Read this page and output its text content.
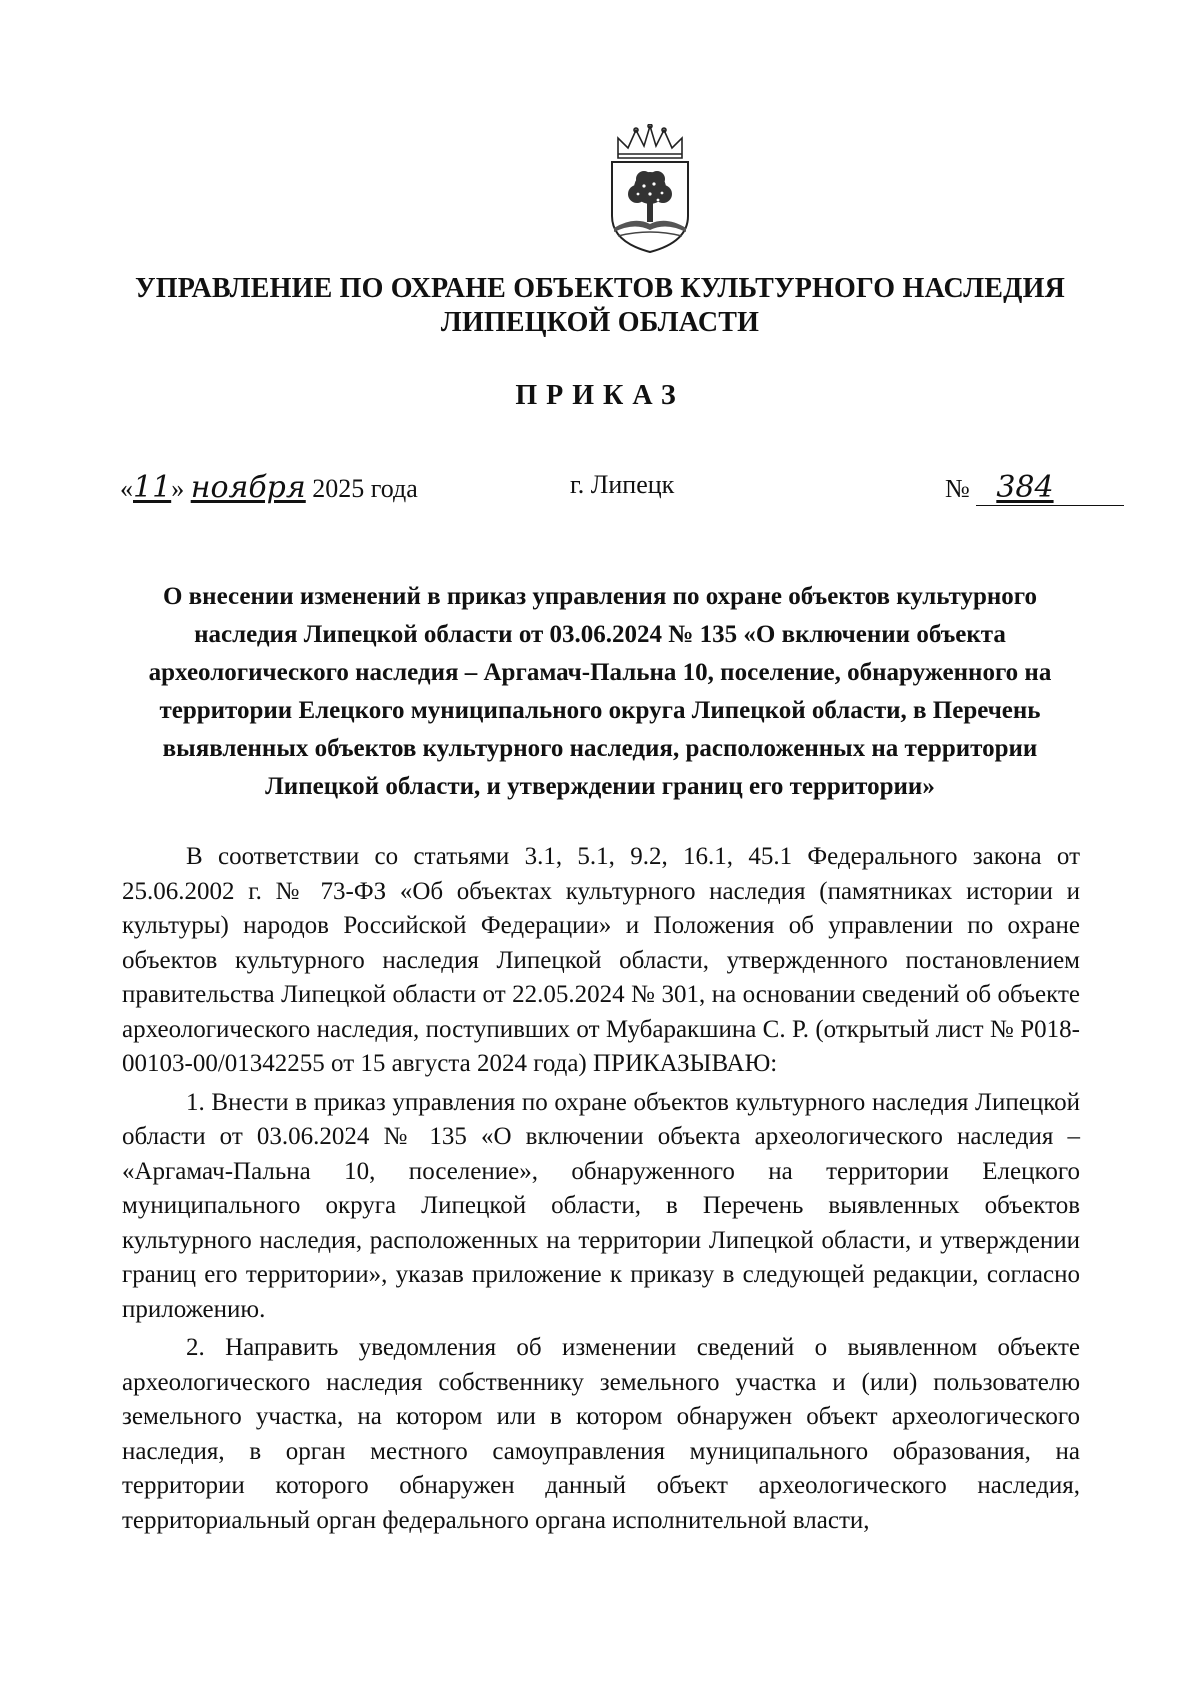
УПРАВЛЕНИЕ ПО ОХРАНЕ ОБЪЕКТОВ КУЛЬТУРНОГО НАСЛЕДИЯ
ЛИПЕЦКОЙ ОБЛАСТИ
ПРИКАЗ
«11» ноября 2025 года	г. Липецк	№ 384
О внесении изменений в приказ управления по охране объектов культурного
наследия Липецкой области от 03.06.2024 № 135 «О включении объекта
археологического наследия – Аргамач-Пальна 10, поселение, обнаруженного на
территории Елецкого муниципального округа Липецкой области, в Перечень
выявленных объектов культурного наследия, расположенных на территории
Липецкой области, и утверждении границ его территории»

В соответствии со статьями 3.1, 5.1, 9.2, 16.1, 45.1 Федерального закона от 25.06.2002 г. № 73-ФЗ «Об объектах культурного наследия (памятниках истории и культуры) народов Российской Федерации» и Положения об управлении по охране объектов культурного наследия Липецкой области, утвержденного постановлением правительства Липецкой области от 22.05.2024 № 301, на основании сведений об объекте археологического наследия, поступивших от Мубаракшина С. Р. (открытый лист № Р018-00103-00/01342255 от 15 августа 2024 года) ПРИКАЗЫВАЮ:

1. Внести в приказ управления по охране объектов культурного наследия Липецкой области от 03.06.2024 № 135 «О включении объекта археологического наследия – «Аргамач-Пальна 10, поселение», обнаруженного на территории Елецкого муниципального округа Липецкой области, в Перечень выявленных объектов культурного наследия, расположенных на территории Липецкой области, и утверждении границ его территории», указав приложение к приказу в следующей редакции, согласно приложению.

2. Направить уведомления об изменении сведений о выявленном объекте археологического наследия собственнику земельного участка и (или) пользователю земельного участка, на котором или в котором обнаружен объект археологического наследия, в орган местного самоуправления муниципального образования, на территории которого обнаружен данный объект археологического наследия, территориальный орган федерального органа исполнительной власти,
